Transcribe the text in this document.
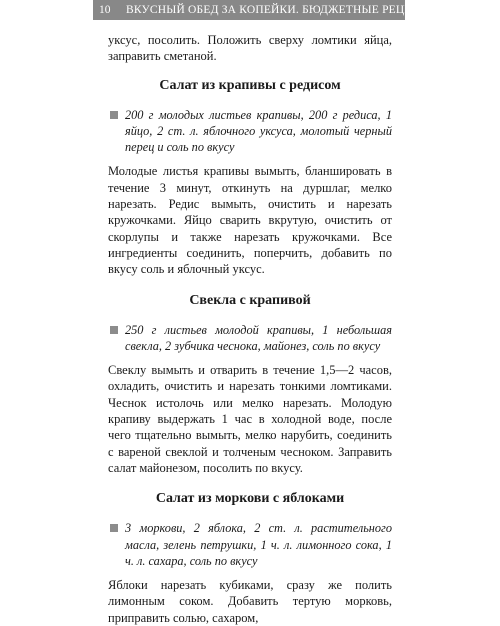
10 ВКУСНЫЙ ОБЕД ЗА КОПЕЙКИ. БЮДЖЕТНЫЕ РЕЦЕПТЫ

уксус, посолить. Положить сверху ломтики яйца, заправить сметаной.

Салат из крапивы с редисом
200 г молодых листьев крапивы, 200 г редиса, 1 яйцо, 2 ст. л. яблочного уксуса, молотый черный перец и соль по вкусу

Молодые листья крапивы вымыть, бланшировать в течение 3 минут, откинуть на дуршлаг, мелко нарезать. Редис вымыть, очистить и нарезать кружочками. Яйцо сварить вкрутую, очистить от скорлупы и также нарезать кружочками. Все ингредиенты соединить, поперчить, добавить по вкусу соль и яблочный уксус.

Свекла с крапивой
250 г листьев молодой крапивы, 1 небольшая свекла, 2 зубчика чеснока, майонез, соль по вкусу

Свеклу вымыть и отварить в течение 1,5—2 часов, охладить, очистить и нарезать тонкими ломтиками. Чеснок истолочь или мелко нарезать. Молодую крапиву выдержать 1 час в холодной воде, после чего тщательно вымыть, мелко нарубить, соединить с вареной свеклой и толченым чесноком. Заправить салат майонезом, посолить по вкусу.

Салат из моркови с яблоками
3 моркови, 2 яблока, 2 ст. л. растительного масла, зелень петрушки, 1 ч. л. лимонного сока, 1 ч. л. сахара, соль по вкусу

Яблоки нарезать кубиками, сразу же полить лимонным соком. Добавить тертую морковь, приправить солью, сахаром,
